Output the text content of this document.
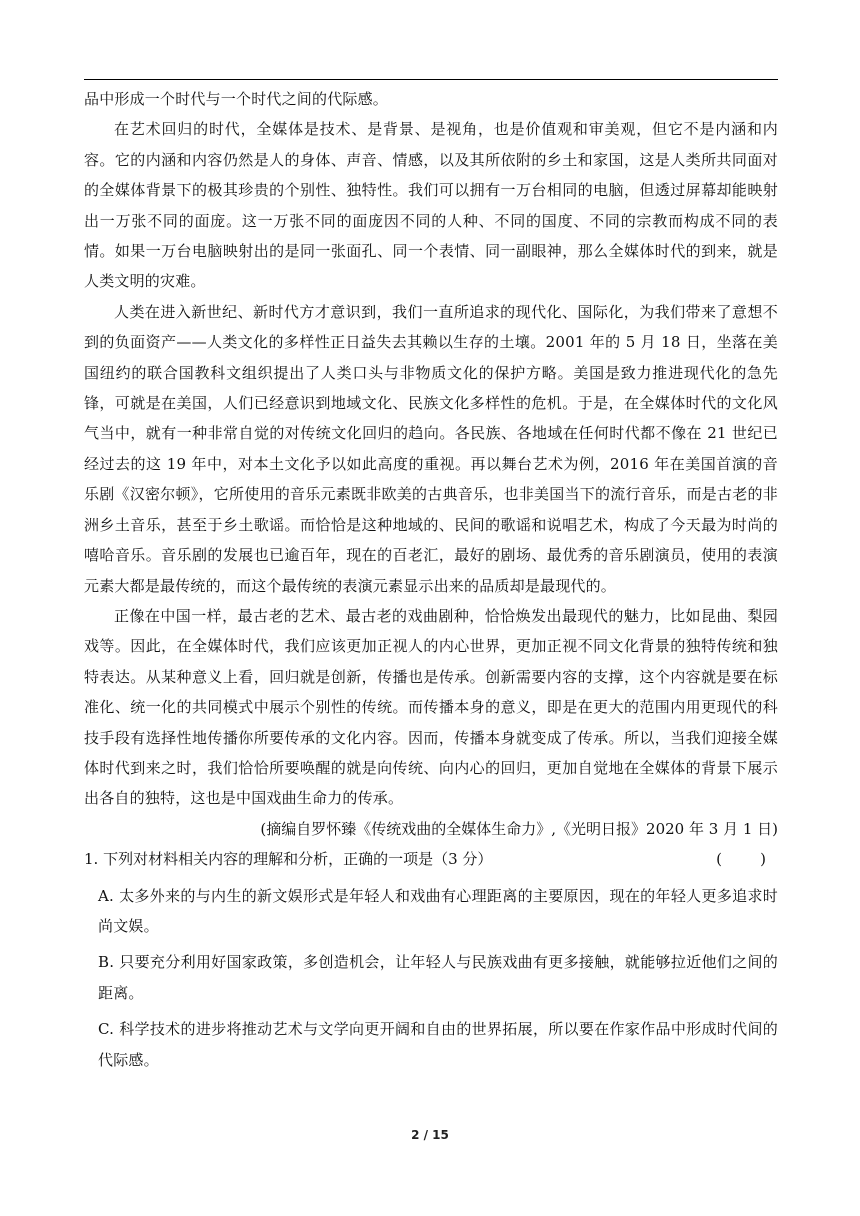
品中形成一个时代与一个时代之间的代际感。

在艺术回归的时代，全媒体是技术、是背景、是视角，也是价值观和审美观，但它不是内涵和内容。它的内涵和内容仍然是人的身体、声音、情感，以及其所依附的乡土和家国，这是人类所共同面对的全媒体背景下的极其珍贵的个别性、独特性。我们可以拥有一万台相同的电脑，但透过屏幕却能映射出一万张不同的面庞。这一万张不同的面庞因不同的人种、不同的国度、不同的宗教而构成不同的表情。如果一万台电脑映射出的是同一张面孔、同一个表情、同一副眼神，那么全媒体时代的到来，就是人类文明的灾难。

人类在进入新世纪、新时代方才意识到，我们一直所追求的现代化、国际化，为我们带来了意想不到的负面资产——人类文化的多样性正日益失去其赖以生存的土壤。2001 年的 5 月 18 日，坐落在美国纽约的联合国教科文组织提出了人类口头与非物质文化的保护方略。美国是致力推进现代化的急先锋，可就是在美国，人们已经意识到地域文化、民族文化多样性的危机。于是，在全媒体时代的文化风气当中，就有一种非常自觉的对传统文化回归的趋向。各民族、各地域在任何时代都不像在 21 世纪已经过去的这 19 年中，对本土文化予以如此高度的重视。再以舞台艺术为例，2016 年在美国首演的音乐剧《汉密尔顿》，它所使用的音乐元素既非欧美的古典音乐，也非美国当下的流行音乐，而是古老的非洲乡土音乐，甚至于乡土歌谣。而恰恰是这种地域的、民间的歌谣和说唱艺术，构成了今天最为时尚的嘻哈音乐。音乐剧的发展也已逾百年，现在的百老汇，最好的剧场、最优秀的音乐剧演员，使用的表演元素大都是最传统的，而这个最传统的表演元素显示出来的品质却是最现代的。

正像在中国一样，最古老的艺术、最古老的戏曲剧种，恰恰焕发出最现代的魅力，比如昆曲、梨园戏等。因此，在全媒体时代，我们应该更加正视人的内心世界，更加正视不同文化背景的独特传统和独特表达。从某种意义上看，回归就是创新，传播也是传承。创新需要内容的支撑，这个内容就是要在标准化、统一化的共同模式中展示个别性的传统。而传播本身的意义，即是在更大的范围内用更现代的科技手段有选择性地传播你所要传承的文化内容。因而，传播本身就变成了传承。所以，当我们迎接全媒体时代到来之时，我们恰恰所要唤醒的就是向传统、向内心的回归，更加自觉地在全媒体的背景下展示出各自的独特，这也是中国戏曲生命力的传承。

(摘编自罗怀臻《传统戏曲的全媒体生命力》,《光明日报》2020 年 3 月 1 日)

1. 下列对材料相关内容的理解和分析，正确的一项是（3 分）	(        )

A. 太多外来的与内生的新文娱形式是年轻人和戏曲有心理距离的主要原因，现在的年轻人更多追求时尚文娱。

B. 只要充分利用好国家政策，多创造机会，让年轻人与民族戏曲有更多接触，就能够拉近他们之间的距离。

C. 科学技术的进步将推动艺术与文学向更开阔和自由的世界拓展，所以要在作家作品中形成时代间的代际感。

2 / 15
